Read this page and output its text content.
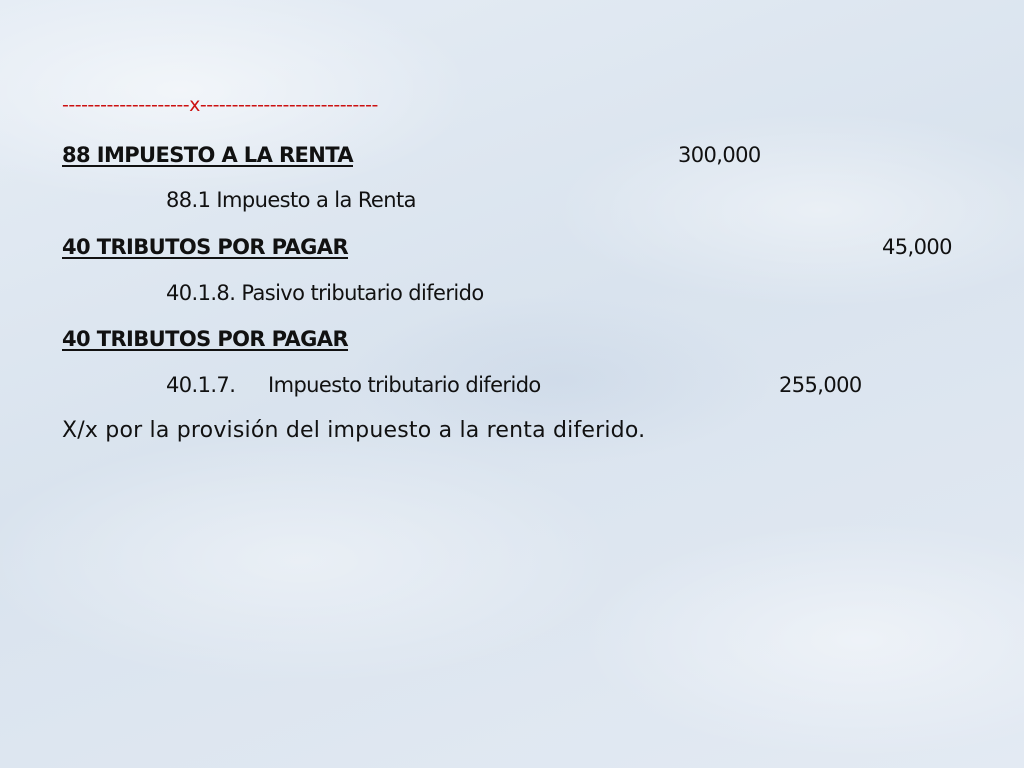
--------------------x----------------------------
88 IMPUESTO A LA RENTA	300,000
88.1 Impuesto a la Renta
40 TRIBUTOS POR PAGAR	45,000
40.1.8. Pasivo tributario diferido
40 TRIBUTOS POR PAGAR
40.1.7. Impuesto tributario diferido	255,000
X/x por la provisión del impuesto a la renta diferido.
